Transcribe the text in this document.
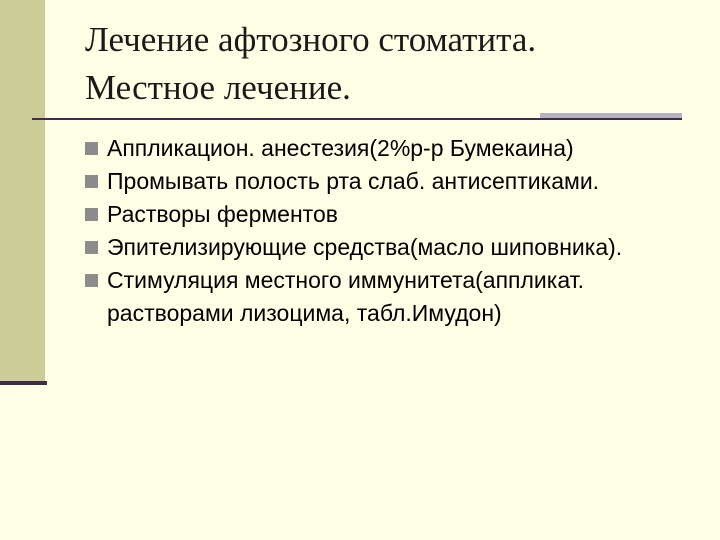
Лечение афтозного стоматита.
Местное лечение.
Аппликацион. анестезия(2%р-р Бумекаина)
Промывать полость рта слаб. антисептиками.
Растворы ферментов
Эпителизирующие средства(масло шиповника).
Стимуляция местного иммунитета(аппликат. растворами лизоцима, табл.Имудон)
